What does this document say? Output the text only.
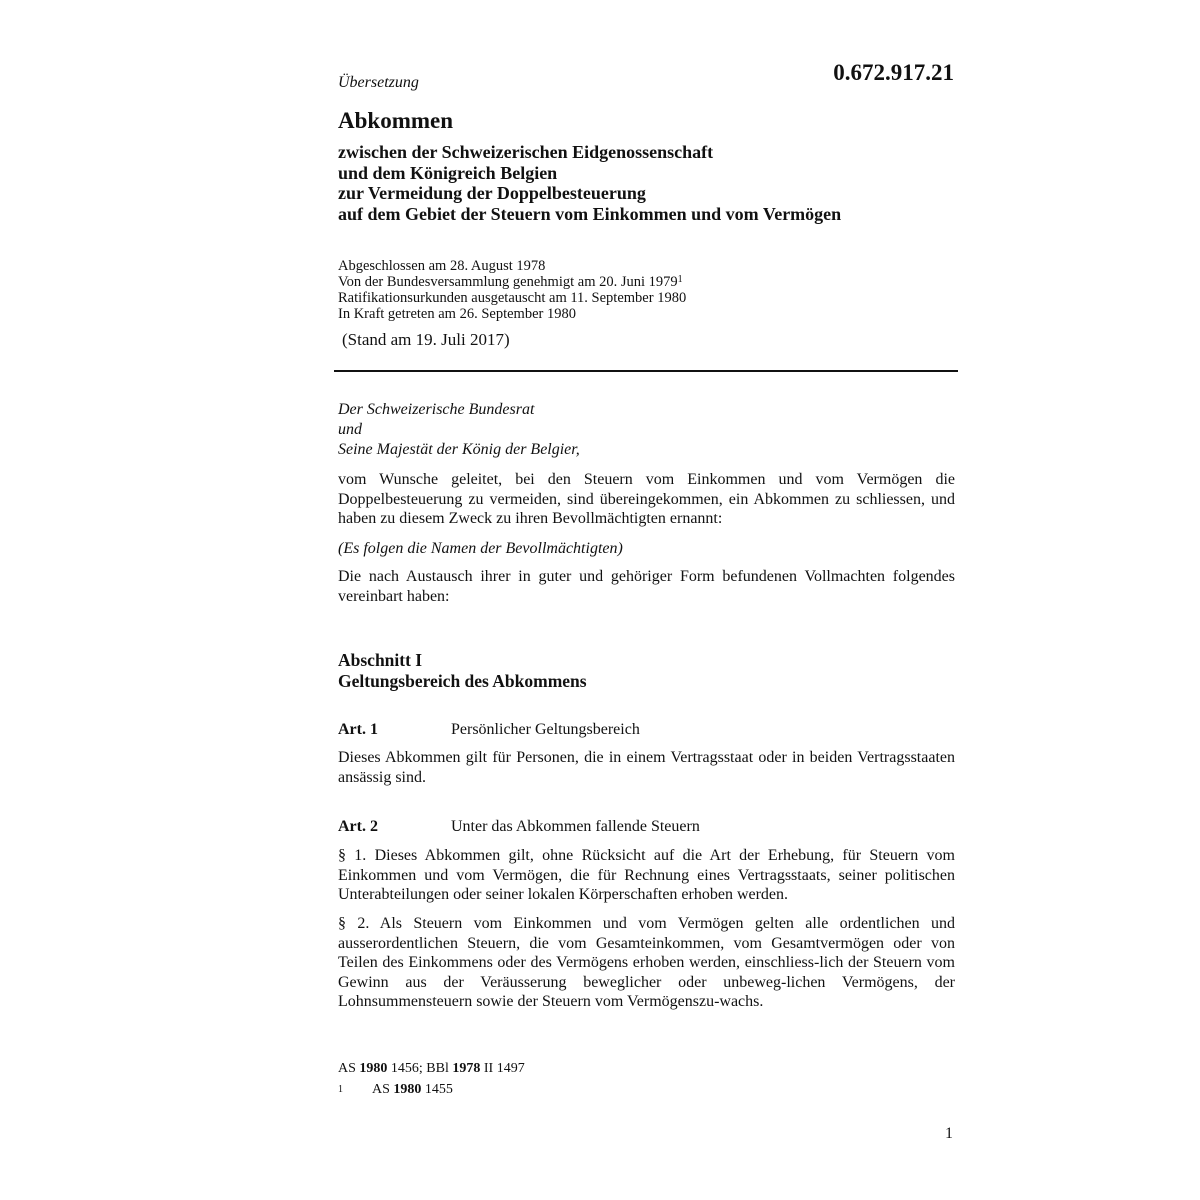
Übersetzung	0.672.917.21
Abkommen
zwischen der Schweizerischen Eidgenossenschaft
und dem Königreich Belgien
zur Vermeidung der Doppelbesteuerung
auf dem Gebiet der Steuern vom Einkommen und vom Vermögen
Abgeschlossen am 28. August 1978
Von der Bundesversammlung genehmigt am 20. Juni 1979$^1$
Ratifikationsurkunden ausgetauscht am 11. September 1980
In Kraft getreten am 26. September 1980
(Stand am 19. Juli 2017)
Der Schweizerische Bundesrat
und
Seine Majestät der König der Belgier,
vom Wunsche geleitet, bei den Steuern vom Einkommen und vom Vermögen die Doppelbesteuerung zu vermeiden, sind übereingekommen, ein Abkommen zu schliessen, und haben zu diesem Zweck zu ihren Bevollmächtigten ernannt:
(Es folgen die Namen der Bevollmächtigten)
Die nach Austausch ihrer in guter und gehöriger Form befundenen Vollmachten folgendes vereinbart haben:
Abschnitt I
Geltungsbereich des Abkommens
Art. 1	Persönlicher Geltungsbereich
Dieses Abkommen gilt für Personen, die in einem Vertragsstaat oder in beiden Vertragsstaaten ansässig sind.
Art. 2	Unter das Abkommen fallende Steuern
§ 1. Dieses Abkommen gilt, ohne Rücksicht auf die Art der Erhebung, für Steuern vom Einkommen und vom Vermögen, die für Rechnung eines Vertragsstaats, seiner politischen Unterabteilungen oder seiner lokalen Körperschaften erhoben werden.
§ 2. Als Steuern vom Einkommen und vom Vermögen gelten alle ordentlichen und ausserordentlichen Steuern, die vom Gesamteinkommen, vom Gesamtvermögen oder von Teilen des Einkommens oder des Vermögens erhoben werden, einschliess-lich der Steuern vom Gewinn aus der Veräusserung beweglicher oder unbeweg-lichen Vermögens, der Lohnsummensteuern sowie der Steuern vom Vermögenszu-wachs.
AS 1980 1456; BBl 1978 II 1497
1 AS 1980 1455
1
